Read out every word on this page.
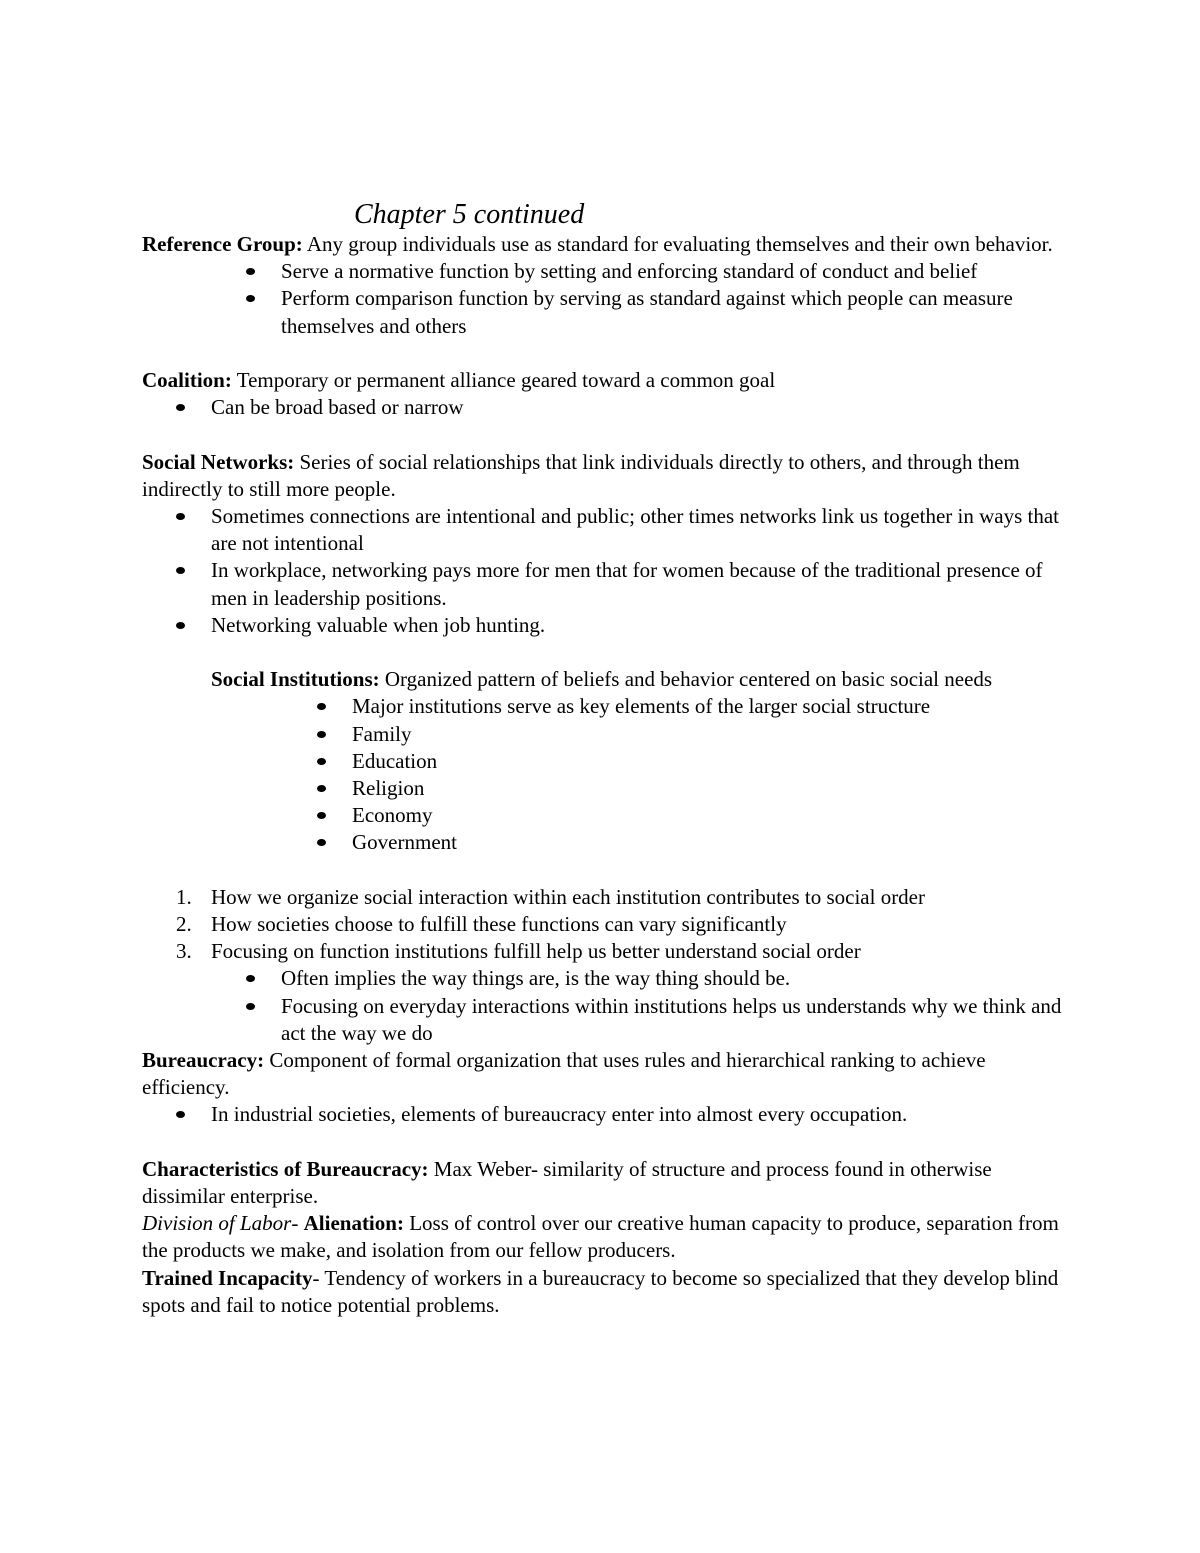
Chapter 5 continued

Reference Group: Any group individuals use as standard for evaluating themselves and their own behavior.

Serve a normative function by setting and enforcing standard of conduct and belief
Perform comparison function by serving as standard against which people can measure themselves and others

Coalition: Temporary or permanent alliance geared toward a common goal

Can be broad based or narrow

Social Networks: Series of social relationships that link individuals directly to others, and through them indirectly to still more people.

Sometimes connections are intentional and public; other times networks link us together in ways that are not intentional
In workplace, networking pays more for men that for women because of the traditional presence of men in leadership positions.
Networking valuable when job hunting.

Social Institutions: Organized pattern of beliefs and behavior centered on basic social needs

Major institutions serve as key elements of the larger social structure
Family
Education
Religion
Economy
Government
1. How we organize social interaction within each institution contributes to social order
2. How societies choose to fulfill these functions can vary significantly
3. Focusing on function institutions fulfill help us better understand social order
Often implies the way things are, is the way thing should be.
Focusing on everyday interactions within institutions helps us understands why we think and act the way we do

Bureaucracy: Component of formal organization that uses rules and hierarchical ranking to achieve efficiency.

In industrial societies, elements of bureaucracy enter into almost every occupation.

Characteristics of Bureaucracy: Max Weber- similarity of structure and process found in otherwise dissimilar enterprise.

Division of Labor- Alienation: Loss of control over our creative human capacity to produce, separation from the products we make, and isolation from our fellow producers.

Trained Incapacity- Tendency of workers in a bureaucracy to become so specialized that they develop blind spots and fail to notice potential problems.
